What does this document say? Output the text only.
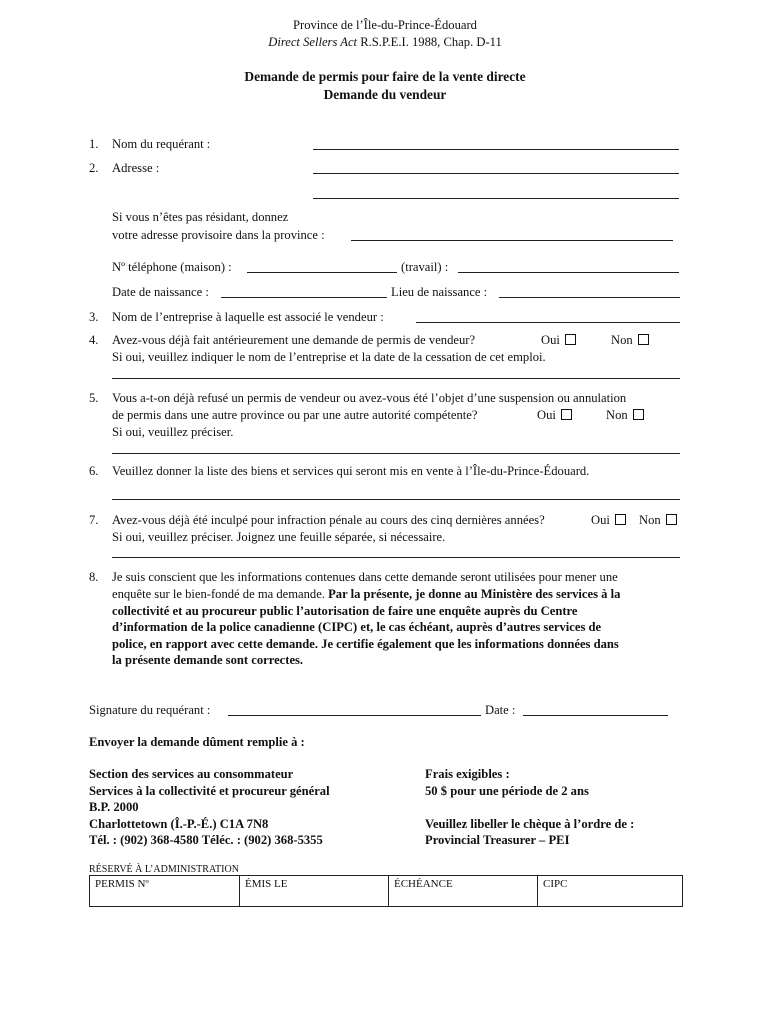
Province de l’Île-du-Prince-Édouard
Direct Sellers Act R.S.P.E.I. 1988, Chap. D-11
Demande de permis pour faire de la vente directe
Demande du vendeur
1. Nom du requérant :
2. Adresse :
Si vous n’êtes pas résidant, donnez
votre adresse provisoire dans la province :
Nº téléphone (maison) :	(travail) :
Date de naissance :	Lieu de naissance :
3. Nom de l’entreprise à laquelle est associé le vendeur :
4. Avez-vous déjà fait antérieurement une demande de permis de vendeur?	Oui	Non
Si oui, veuillez indiquer le nom de l’entreprise et la date de la cessation de cet emploi.
5. Vous a-t-on déjà refusé un permis de vendeur ou avez-vous été l’objet d’une suspension ou annulation
de permis dans une autre province ou par une autre autorité compétente?	Oui	Non
Si oui, veuillez préciser.
6. Veuillez donner la liste des biens et services qui seront mis en vente à l’Île-du-Prince-Édouard.
7. Avez-vous déjà été inculpé pour infraction pénale au cours des cinq dernières années?	Oui	Non
Si oui, veuillez préciser. Joignez une feuille séparée, si nécessaire.
8. Je suis conscient que les informations contenues dans cette demande seront utilisées pour mener une
enquête sur le bien-fondé de ma demande. Par la présente, je donne au Ministère des services à la
collectivité et au procureur public l’autorisation de faire une enquête auprès du Centre
d’information de la police canadienne (CIPC) et, le cas échéant, auprès d’autres services de
police, en rapport avec cette demande. Je certifie également que les informations données dans
la présente demande sont correctes.
Signature du requérant :	Date :
Envoyer la demande dûment remplie à :
Section des services au consommateur
Services à la collectivité et procureur général
B.P. 2000
Charlottetown (Î.-P.-É.) C1A 7N8
Tél. : (902) 368-4580 Téléc. : (902) 368-5355
Frais exigibles :
50 $ pour une période de 2 ans
Veuillez libeller le chèque à l’ordre de :
Provincial Treasurer – PEI
RÉSERVÉ À L’ADMINISTRATION
PERMIS Nº	ÉMIS LE	ÉCHÉANCE	CIPC
